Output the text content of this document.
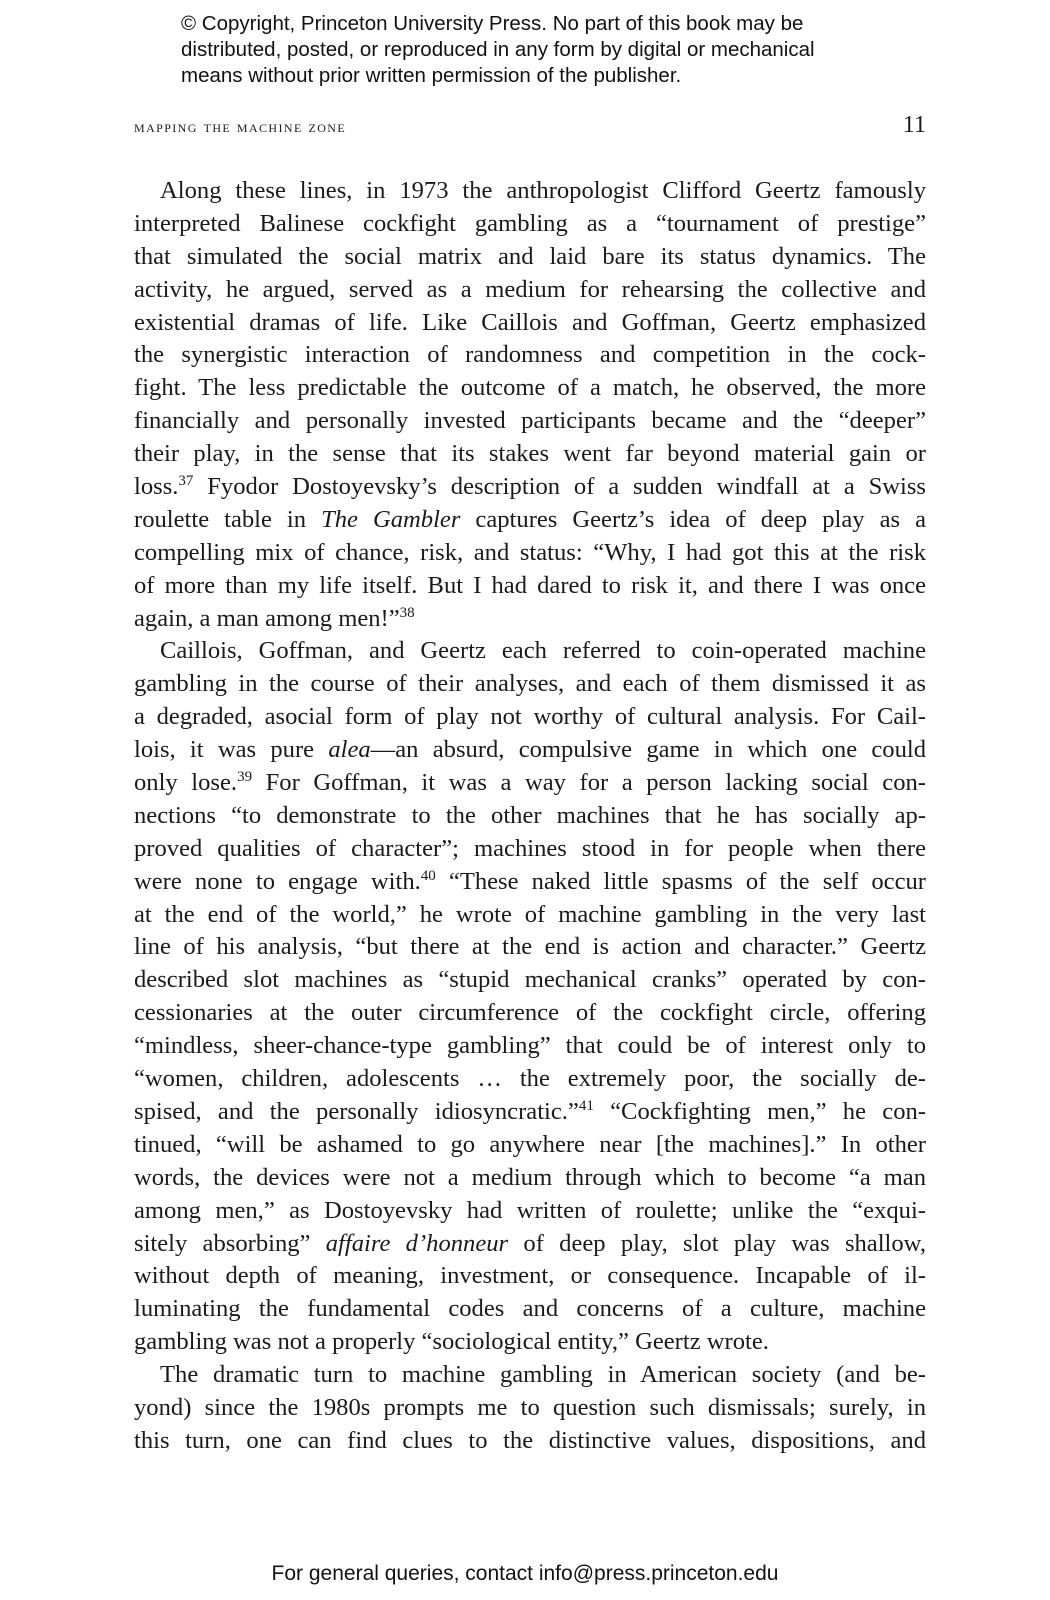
© Copyright, Princeton University Press. No part of this book may be
distributed, posted, or reproduced in any form by digital or mechanical
means without prior written permission of the publisher.
mapping the machine zone	11
Along these lines, in 1973 the anthropologist Clifford Geertz famously
interpreted Balinese cockfight gambling as a “tournament of prestige”
that simulated the social matrix and laid bare its status dynamics. The
activity, he argued, served as a medium for rehearsing the collective and
existential dramas of life. Like Caillois and Goffman, Geertz emphasized
the synergistic interaction of randomness and competition in the cock-
fight. The less predictable the outcome of a match, he observed, the more
financially and personally invested participants became and the “deeper”
their play, in the sense that its stakes went far beyond material gain or
loss.$^{37}$ Fyodor Dostoyevsky’s description of a sudden windfall at a Swiss
roulette table in The Gambler captures Geertz’s idea of deep play as a
compelling mix of chance, risk, and status: “Why, I had got this at the risk
of more than my life itself. But I had dared to risk it, and there I was once
again, a man among men!”$^{38}$
Caillois, Goffman, and Geertz each referred to coin-operated machine
gambling in the course of their analyses, and each of them dismissed it as
a degraded, asocial form of play not worthy of cultural analysis. For Cail-
lois, it was pure alea—an absurd, compulsive game in which one could
only lose.$^{39}$ For Goffman, it was a way for a person lacking social con-
nections “to demonstrate to the other machines that he has socially ap-
proved qualities of character”; machines stood in for people when there
were none to engage with.$^{40}$ “These naked little spasms of the self occur
at the end of the world,” he wrote of machine gambling in the very last
line of his analysis, “but there at the end is action and character.” Geertz
described slot machines as “stupid mechanical cranks” operated by con-
cessionaries at the outer circumference of the cockfight circle, offering
“mindless, sheer-chance-type gambling” that could be of interest only to
“women, children, adolescents … the extremely poor, the socially de-
spised, and the personally idiosyncratic.”$^{41}$ “Cockfighting men,” he con-
tinued, “will be ashamed to go anywhere near [the machines].” In other
words, the devices were not a medium through which to become “a man
among men,” as Dostoyevsky had written of roulette; unlike the “exqui-
sitely absorbing” affaire d’honneur of deep play, slot play was shallow,
without depth of meaning, investment, or consequence. Incapable of il-
luminating the fundamental codes and concerns of a culture, machine
gambling was not a properly “sociological entity,” Geertz wrote.
The dramatic turn to machine gambling in American society (and be-
yond) since the 1980s prompts me to question such dismissals; surely, in
this turn, one can find clues to the distinctive values, dispositions, and
For general queries, contact info@press.princeton.edu
